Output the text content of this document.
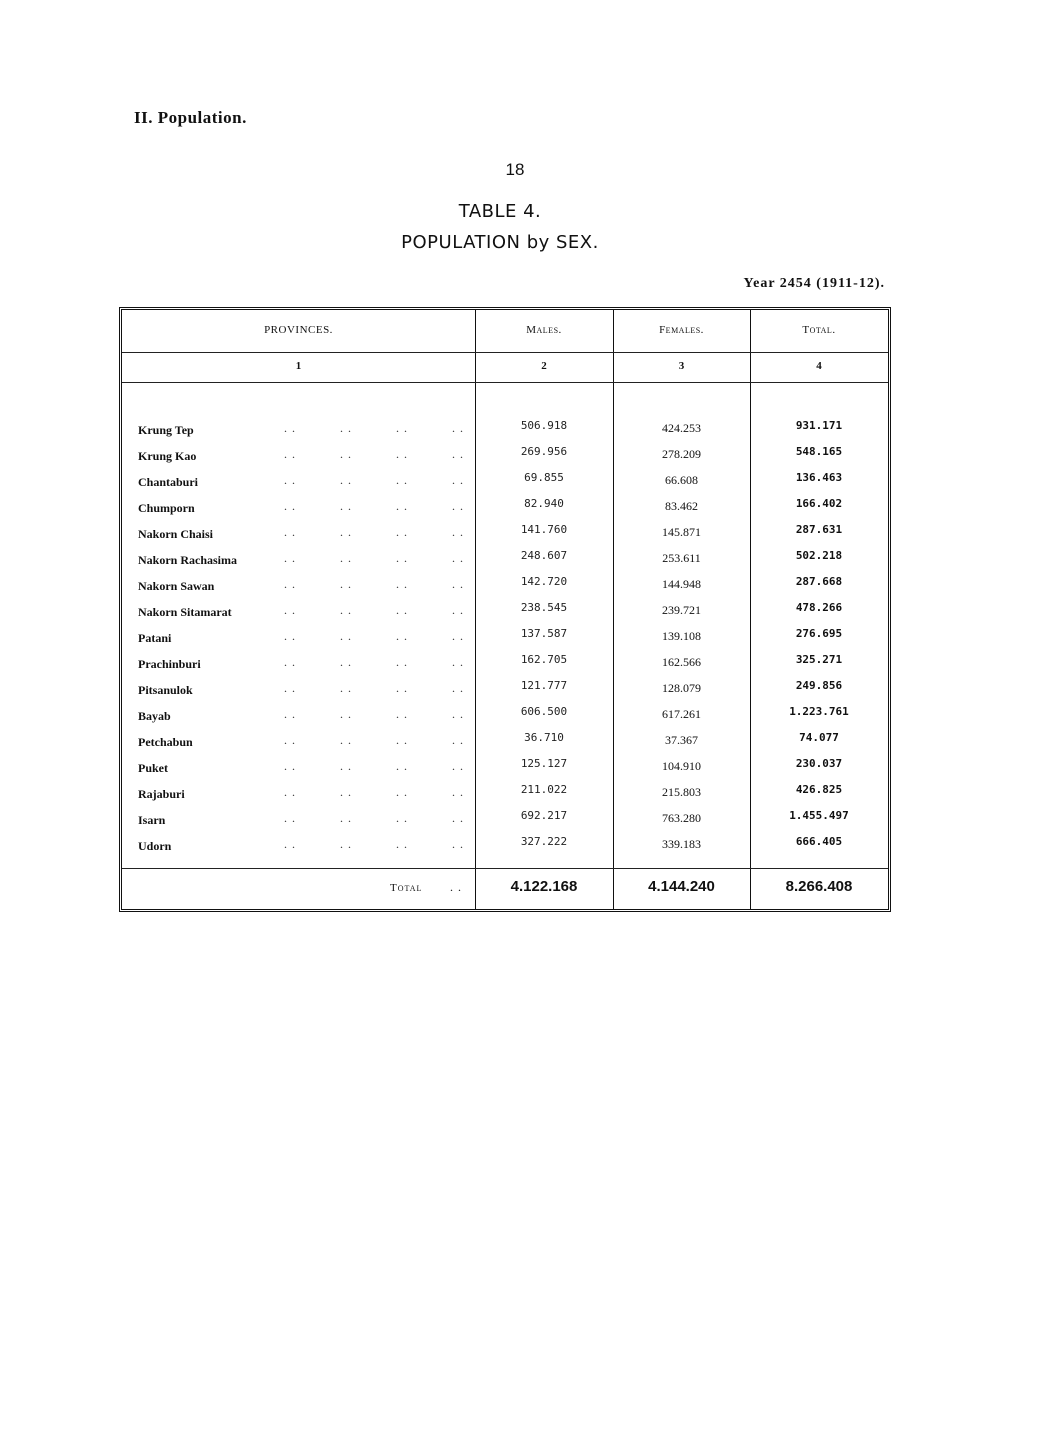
II. Population.
18
TABLE 4.
POPULATION by SEX.
Year 2454 (1911-12).
PROVINCES.	Males.	Females.	Total.
1	2	3	4
Krung Tep	. .	. .	. .	. .	506.918	424.253	931.171
Krung Kao	. .	. .	. .	. .	269.956	278.209	548.165
Chantaburi	. .	. .	. .	. .	69.855	66.608	136.463
Chumporn	. .	. .	. .	. .	82.940	83.462	166.402
Nakorn Chaisi	. .	. .	. .	. .	141.760	145.871	287.631
Nakorn Rachasima	. .	. .	. .	. .	248.607	253.611	502.218
Nakorn Sawan	. .	. .	. .	. .	142.720	144.948	287.668
Nakorn Sitamarat	. .	. .	. .	. .	238.545	239.721	478.266
Patani	. .	. .	. .	. .	137.587	139.108	276.695
Prachinburi	. .	. .	. .	. .	162.705	162.566	325.271
Pitsanulok	. .	. .	. .	. .	121.777	128.079	249.856
Bayab	. .	. .	. .	. .	606.500	617.261	1.223.761
Petchabun	. .	. .	. .	. .	36.710	37.367	74.077
Puket	. .	. .	. .	. .	125.127	104.910	230.037
Rajaburi	. .	. .	. .	. .	211.022	215.803	426.825
Isarn	. .	. .	. .	. .	692.217	763.280	1.455.497
Udorn	. .	. .	. .	. .	327.222	339.183	666.405
Total . .	4.122.168	4.144.240	8.266.408
